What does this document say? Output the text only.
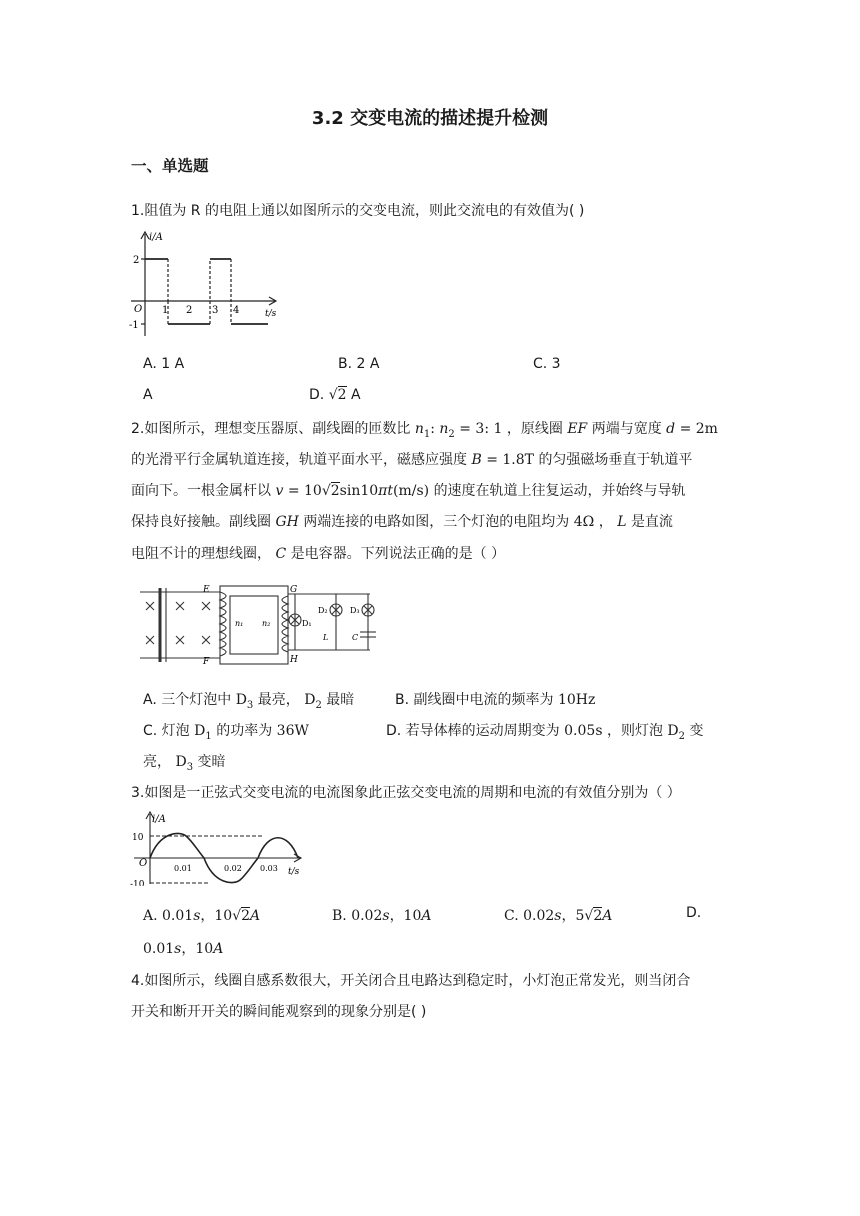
3.2 交变电流的描述提升检测
一、单选题
1.阻值为 R 的电阻上通以如图所示的交变电流，则此交流电的有效值为( )
i/A
t/s
O
2
-1
1 2 3 4
A. 1 A	B. 2 A	C. 3
A	D. √2 A
2.如图所示，理想变压器原、副线圈的匝数比 $n_1$: $n_2 = 3$: 1 ，原线圈 EF 两端与宽度 d = 2m
的光滑平行金属轨道连接，轨道平面水平，磁感应强度 B = 1.8T 的匀强磁场垂直于轨道平
面向下。一根金属杆以 v = 10√2sin10πt(m/s) 的速度在轨道上往复运动，并始终与导轨
保持良好接触。副线圈 GH 两端连接的电路如图，三个灯泡的电阻均为 4Ω ， L 是直流
电阻不计的理想线圈， C 是电容器。下列说法正确的是（ ）
E
F
G
H
n₁ n₂	D₁
D₂	D₃
L	C
A. 三个灯泡中 $D_3$ 最亮， $D_2$ 最暗	B. 副线圈中电流的频率为 10Hz
C. 灯泡 $D_1$ 的功率为 36W	D. 若导体棒的运动周期变为 0.05s ，则灯泡 $D_2$ 变
亮， $D_3$ 变暗
3.如图是一正弦式交变电流的电流图象此正弦交变电流的周期和电流的有效值分别为（ ）
i/A
t/s
O
10
-10
0.01	0.02 0.03
A. 0.01s，10√2A	B. 0.02s，10A	C. 0.02s，5√2A	D.
0.01s，10A
4.如图所示，线圈自感系数很大，开关闭合且电路达到稳定时，小灯泡正常发光，则当闭合
开关和断开开关的瞬间能观察到的现象分别是( )
